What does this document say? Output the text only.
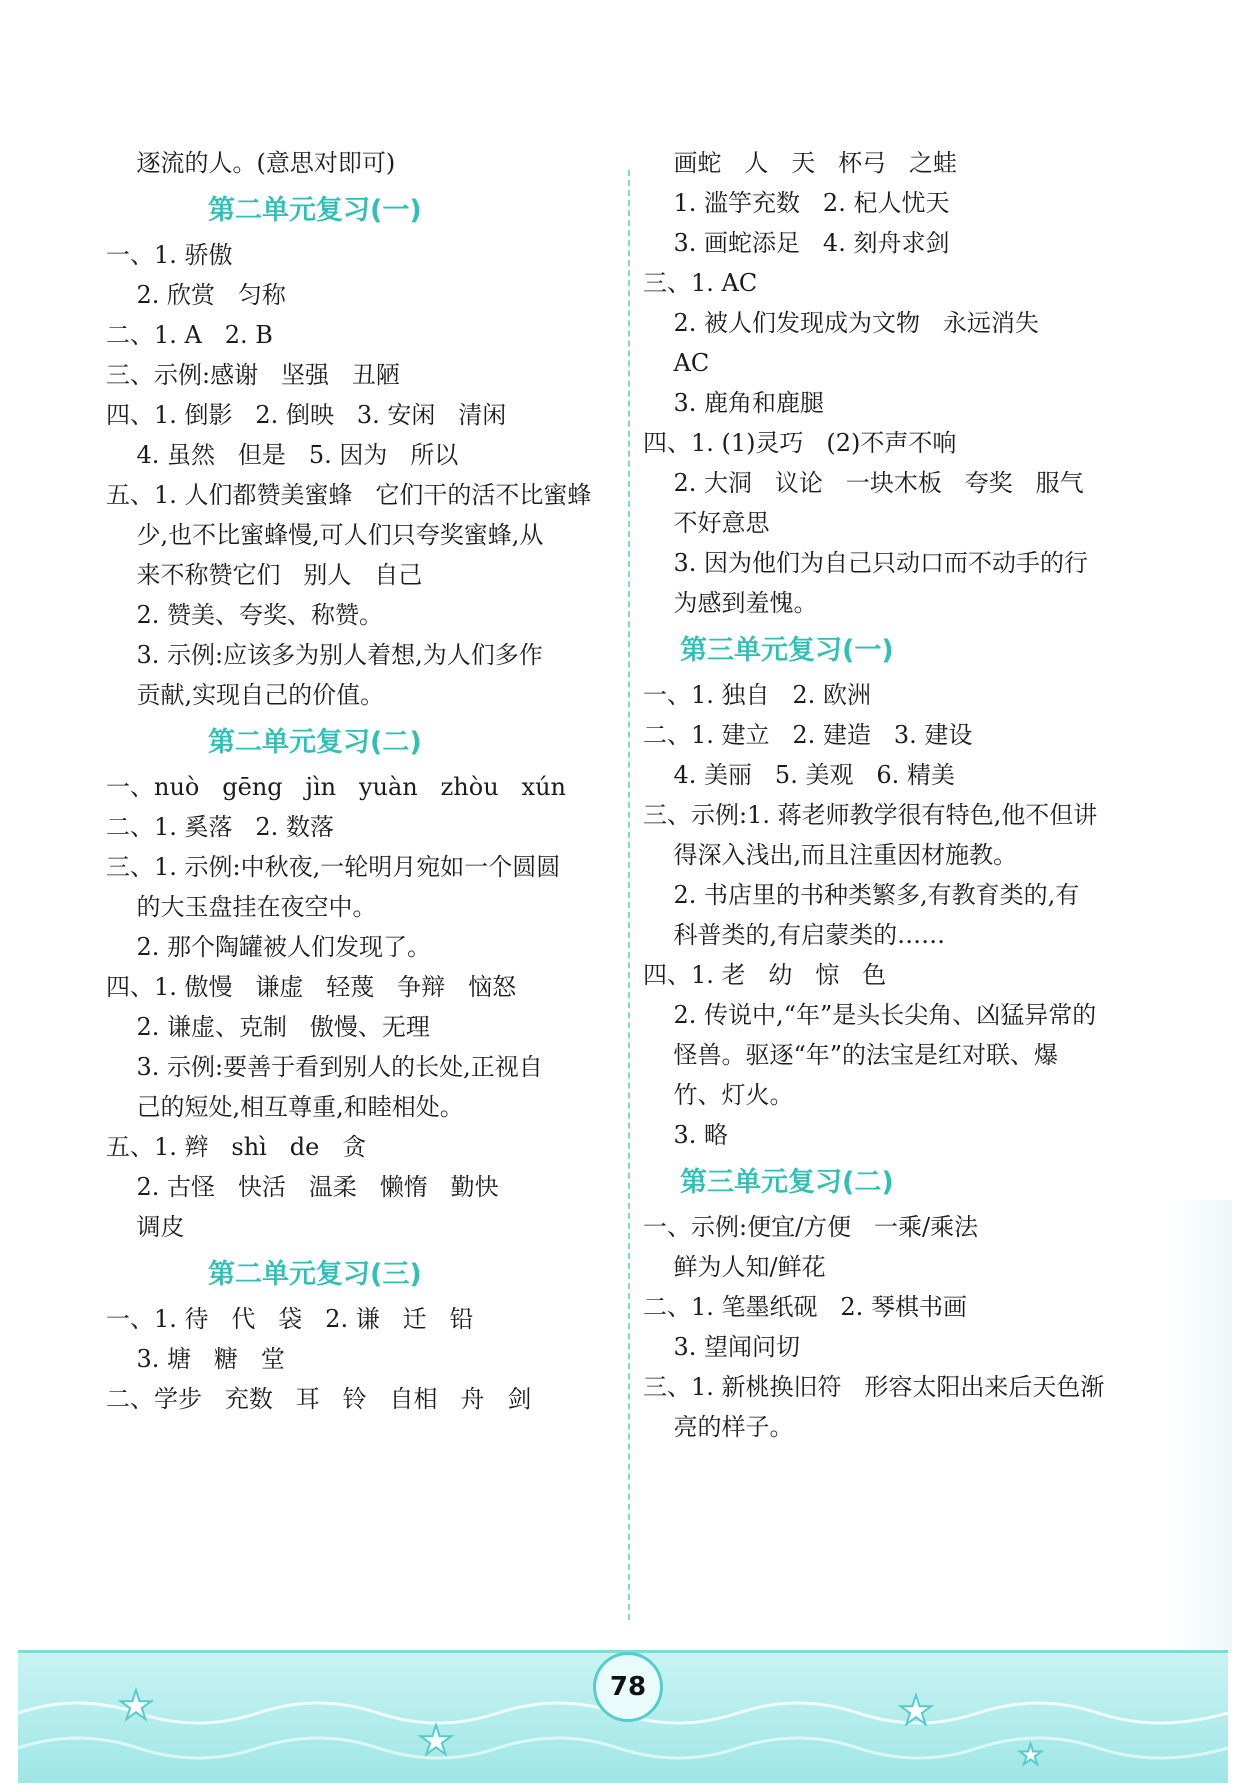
逐流的人。(意思对即可)
第二单元复习(一)
一、1. 骄傲
2. 欣赏   匀称
二、1. A   2. B
三、示例:感谢   坚强   丑陋
四、1. 倒影   2. 倒映   3. 安闲   清闲
4. 虽然   但是   5. 因为   所以
五、1. 人们都赞美蜜蜂   它们干的活不比蜜蜂
少,也不比蜜蜂慢,可人们只夸奖蜜蜂,从
来不称赞它们   别人   自己
2. 赞美、夸奖、称赞。
3. 示例:应该多为别人着想,为人们多作
贡献,实现自己的价值。
第二单元复习(二)
一、nuò   gēng   jìn   yuàn   zhòu   xún
二、1. 奚落   2. 数落
三、1. 示例:中秋夜,一轮明月宛如一个圆圆
的大玉盘挂在夜空中。
2. 那个陶罐被人们发现了。
四、1. 傲慢   谦虚   轻蔑   争辩   恼怒
2. 谦虚、克制   傲慢、无理
3. 示例:要善于看到别人的长处,正视自
己的短处,相互尊重,和睦相处。
五、1. 辫   shì   de   贪
2. 古怪   快活   温柔   懒惰   勤快
调皮
第二单元复习(三)
一、1. 待   代   袋   2. 谦   迁   铅
3. 塘   糖   堂
二、学步   充数   耳   铃   自相   舟   剑
画蛇   人   天   杯弓   之蛙
1. 滥竽充数   2. 杞人忧天
3. 画蛇添足   4. 刻舟求剑
三、1. AC
2. 被人们发现成为文物   永远消失
AC
3. 鹿角和鹿腿
四、1. (1)灵巧   (2)不声不响
2. 大洞   议论   一块木板   夸奖   服气
不好意思
3. 因为他们为自己只动口而不动手的行
为感到羞愧。
第三单元复习(一)
一、1. 独自   2. 欧洲
二、1. 建立   2. 建造   3. 建设
4. 美丽   5. 美观   6. 精美
三、示例:1. 蒋老师教学很有特色,他不但讲
得深入浅出,而且注重因材施教。
2. 书店里的书种类繁多,有教育类的,有
科普类的,有启蒙类的……
四、1. 老   幼   惊   色
2. 传说中,“年”是头长尖角、凶猛异常的
怪兽。驱逐“年”的法宝是红对联、爆
竹、灯火。
3. 略
第三单元复习(二)
一、示例:便宜/方便   一乘/乘法
鲜为人知/鲜花
二、1. 笔墨纸砚   2. 琴棋书画
3. 望闻问切
三、1. 新桃换旧符   形容太阳出来后天色渐
亮的样子。
★
★
★
★
78
